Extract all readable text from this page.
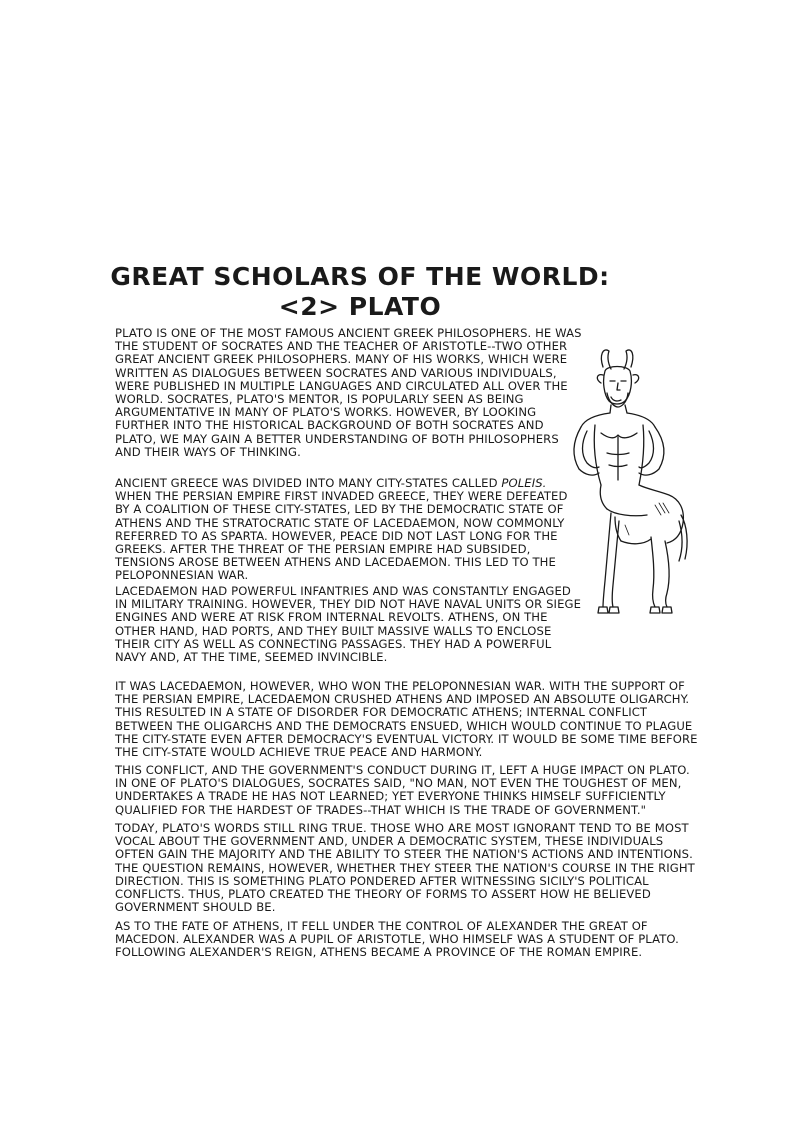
GREAT SCHOLARS OF THE WORLD:
<2> PLATO

PLATO IS ONE OF THE MOST FAMOUS ANCIENT GREEK PHILOSOPHERS. HE WAS THE STUDENT OF SOCRATES AND THE TEACHER OF ARISTOTLE--TWO OTHER GREAT ANCIENT GREEK PHILOSOPHERS. MANY OF HIS WORKS, WHICH WERE WRITTEN AS DIALOGUES BETWEEN SOCRATES AND VARIOUS INDIVIDUALS, WERE PUBLISHED IN MULTIPLE LANGUAGES AND CIRCULATED ALL OVER THE WORLD. SOCRATES, PLATO'S MENTOR, IS POPULARLY SEEN AS BEING ARGUMENTATIVE IN MANY OF PLATO'S WORKS. HOWEVER, BY LOOKING FURTHER INTO THE HISTORICAL BACKGROUND OF BOTH SOCRATES AND PLATO, WE MAY GAIN A BETTER UNDERSTANDING OF BOTH PHILOSOPHERS AND THEIR WAYS OF THINKING.

ANCIENT GREECE WAS DIVIDED INTO MANY CITY-STATES CALLED POLEIS. WHEN THE PERSIAN EMPIRE FIRST INVADED GREECE, THEY WERE DEFEATED BY A COALITION OF THESE CITY-STATES, LED BY THE DEMOCRATIC STATE OF ATHENS AND THE STRATOCRATIC STATE OF LACEDAEMON, NOW COMMONLY REFERRED TO AS SPARTA. HOWEVER, PEACE DID NOT LAST LONG FOR THE GREEKS. AFTER THE THREAT OF THE PERSIAN EMPIRE HAD SUBSIDED, TENSIONS AROSE BETWEEN ATHENS AND LACEDAEMON. THIS LED TO THE PELOPONNESIAN WAR.

LACEDAEMON HAD POWERFUL INFANTRIES AND WAS CONSTANTLY ENGAGED IN MILITARY TRAINING. HOWEVER, THEY DID NOT HAVE NAVAL UNITS OR SIEGE ENGINES AND WERE AT RISK FROM INTERNAL REVOLTS. ATHENS, ON THE OTHER HAND, HAD PORTS, AND THEY BUILT MASSIVE WALLS TO ENCLOSE THEIR CITY AS WELL AS CONNECTING PASSAGES. THEY HAD A POWERFUL NAVY AND, AT THE TIME, SEEMED INVINCIBLE.

IT WAS LACEDAEMON, HOWEVER, WHO WON THE PELOPONNESIAN WAR. WITH THE SUPPORT OF THE PERSIAN EMPIRE, LACEDAEMON CRUSHED ATHENS AND IMPOSED AN ABSOLUTE OLIGARCHY. THIS RESULTED IN A STATE OF DISORDER FOR DEMOCRATIC ATHENS; INTERNAL CONFLICT BETWEEN THE OLIGARCHS AND THE DEMOCRATS ENSUED, WHICH WOULD CONTINUE TO PLAGUE THE CITY-STATE EVEN AFTER DEMOCRACY'S EVENTUAL VICTORY. IT WOULD BE SOME TIME BEFORE THE CITY-STATE WOULD ACHIEVE TRUE PEACE AND HARMONY.

THIS CONFLICT, AND THE GOVERNMENT'S CONDUCT DURING IT, LEFT A HUGE IMPACT ON PLATO. IN ONE OF PLATO'S DIALOGUES, SOCRATES SAID, "NO MAN, NOT EVEN THE TOUGHEST OF MEN, UNDERTAKES A TRADE HE HAS NOT LEARNED; YET EVERYONE THINKS HIMSELF SUFFICIENTLY QUALIFIED FOR THE HARDEST OF TRADES--THAT WHICH IS THE TRADE OF GOVERNMENT."

TODAY, PLATO'S WORDS STILL RING TRUE. THOSE WHO ARE MOST IGNORANT TEND TO BE MOST VOCAL ABOUT THE GOVERNMENT AND, UNDER A DEMOCRATIC SYSTEM, THESE INDIVIDUALS OFTEN GAIN THE MAJORITY AND THE ABILITY TO STEER THE NATION'S ACTIONS AND INTENTIONS. THE QUESTION REMAINS, HOWEVER, WHETHER THEY STEER THE NATION'S COURSE IN THE RIGHT DIRECTION. THIS IS SOMETHING PLATO PONDERED AFTER WITNESSING SICILY'S POLITICAL CONFLICTS. THUS, PLATO CREATED THE THEORY OF FORMS TO ASSERT HOW HE BELIEVED GOVERNMENT SHOULD BE.

AS TO THE FATE OF ATHENS, IT FELL UNDER THE CONTROL OF ALEXANDER THE GREAT OF MACEDON. ALEXANDER WAS A PUPIL OF ARISTOTLE, WHO HIMSELF WAS A STUDENT OF PLATO. FOLLOWING ALEXANDER'S REIGN, ATHENS BECAME A PROVINCE OF THE ROMAN EMPIRE.
